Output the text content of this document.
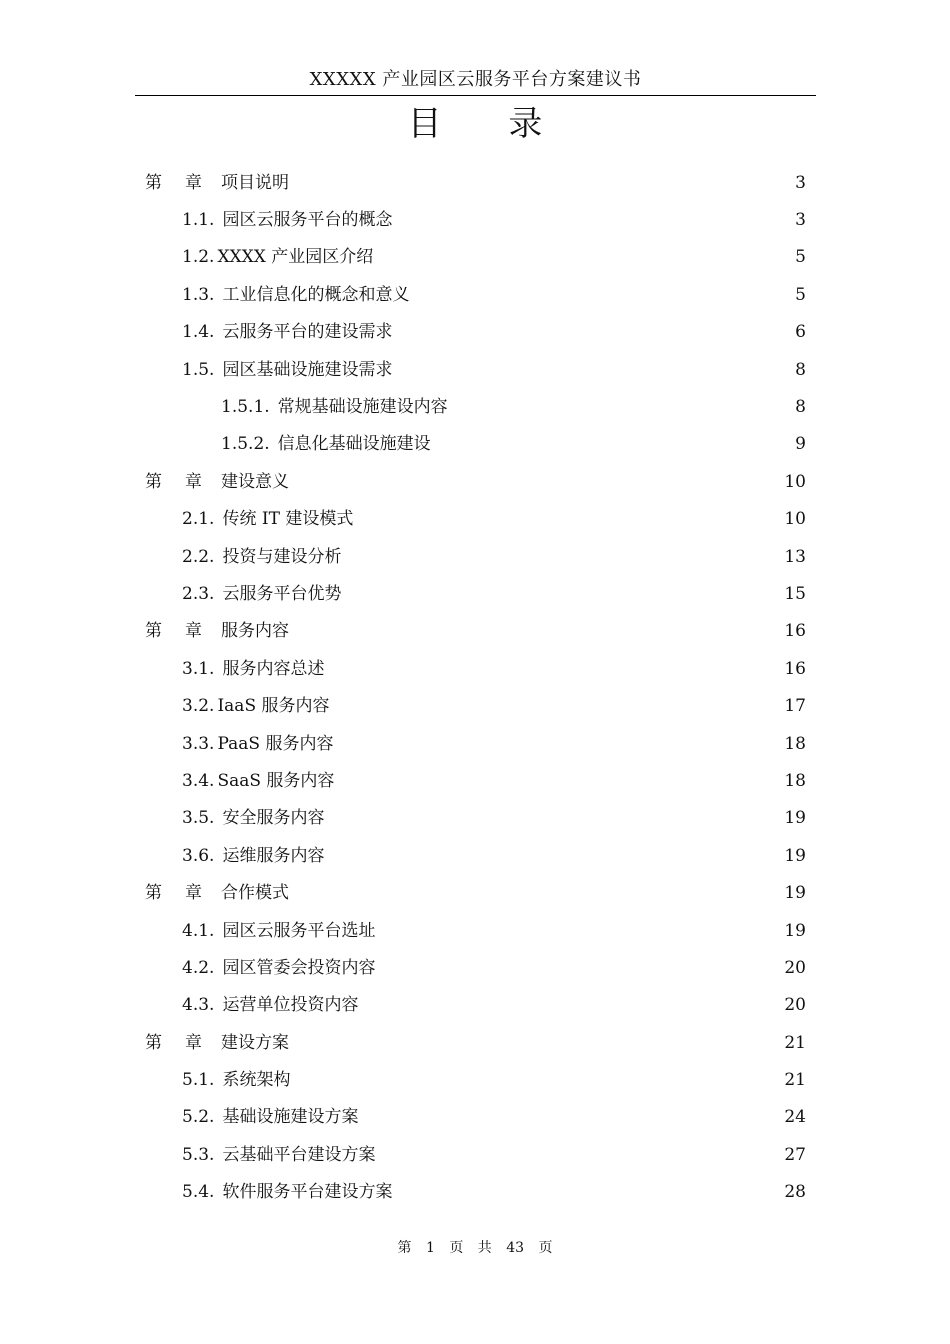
XXXXX 产业园区云服务平台方案建议书
目 录
第 章	项目说明	3
1.1. 园区云服务平台的概念	3
1.2. XXXX 产业园区介绍	5
1.3. 工业信息化的概念和意义	5
1.4. 云服务平台的建设需求	6
1.5. 园区基础设施建设需求	8
1.5.1. 常规基础设施建设内容	8
1.5.2. 信息化基础设施建设	9
第 章	建设意义	10
2.1. 传统 IT 建设模式	10
2.2. 投资与建设分析	13
2.3. 云服务平台优势	15
第 章	服务内容	16
3.1. 服务内容总述	16
3.2. IaaS 服务内容	17
3.3. PaaS 服务内容	18
3.4. SaaS 服务内容	18
3.5. 安全服务内容	19
3.6. 运维服务内容	19
第 章	合作模式	19
4.1. 园区云服务平台选址	19
4.2. 园区管委会投资内容	20
4.3. 运营单位投资内容	20
第 章	建设方案	21
5.1. 系统架构	21
5.2. 基础设施建设方案	24
5.3. 云基础平台建设方案	27
5.4. 软件服务平台建设方案	28
第 1 页 共 43 页
